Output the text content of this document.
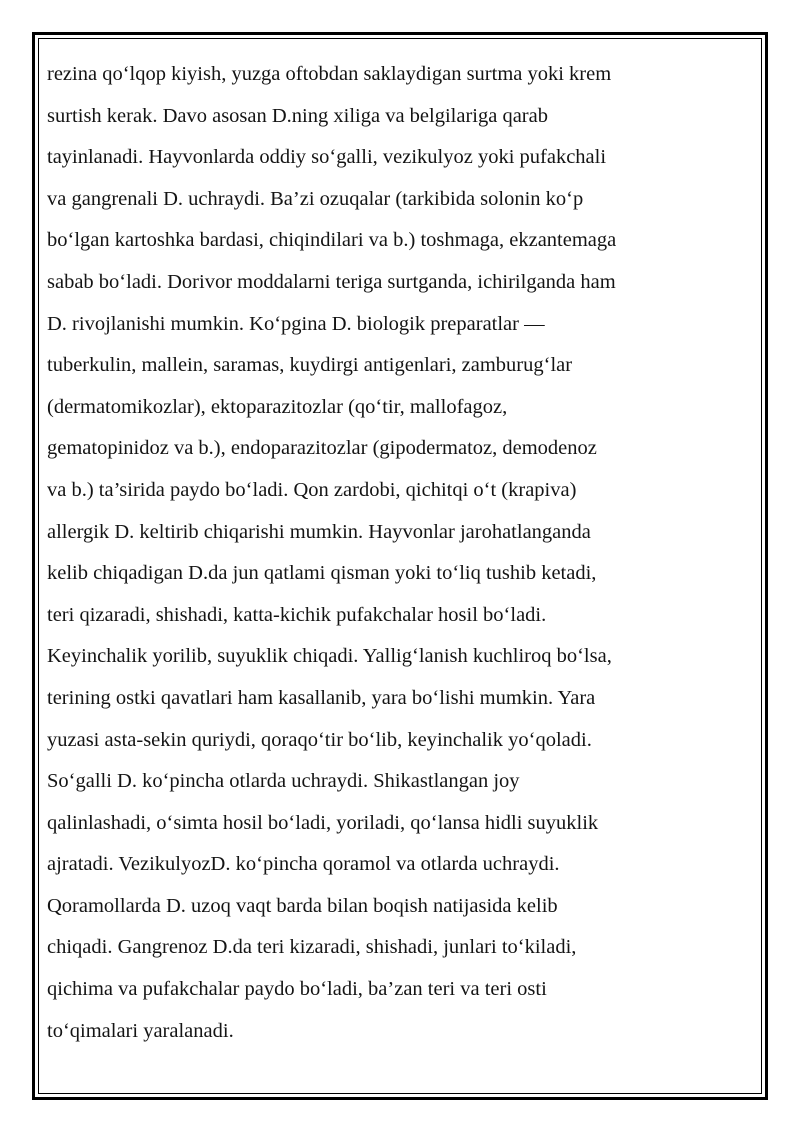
rezina qo‘lqop kiyish, yuzga oftobdan saklaydigan surtma yoki krem
surtish kerak. Davo asosan D.ning xiliga va belgilariga qarab
tayinlanadi. Hayvonlarda oddiy so‘galli, vezikulyoz yoki pufakchali
va gangrenali D. uchraydi. Ba’zi ozuqalar (tarkibida solonin ko‘p
bo‘lgan kartoshka bardasi, chiqindilari va b.) toshmaga, ekzantemaga
sabab bo‘ladi. Dorivor moddalarni teriga surtganda, ichirilganda ham
D. rivojlanishi mumkin. Ko‘pgina D. biologik preparatlar —
tuberkulin, mallein, saramas, kuydirgi antigenlari, zamburug‘lar
(dermatomikozlar), ektoparazitozlar (qo‘tir, mallofagoz,
gematopinidoz va b.), endoparazitozlar (gipodermatoz, demodenoz
va b.) ta’sirida paydo bo‘ladi. Qon zardobi, qichitqi o‘t (krapiva)
allergik D. keltirib chiqarishi mumkin. Hayvonlar jarohatlanganda
kelib chiqadigan D.da jun qatlami qisman yoki to‘liq tushib ketadi,
teri qizaradi, shishadi, katta-kichik pufakchalar hosil bo‘ladi.
Keyinchalik yorilib, suyuklik chiqadi. Yallig‘lanish kuchliroq bo‘lsa,
terining ostki qavatlari ham kasallanib, yara bo‘lishi mumkin. Yara
yuzasi asta-sekin quriydi, qoraqo‘tir bo‘lib, keyinchalik yo‘qoladi.
So‘galli D. ko‘pincha otlarda uchraydi. Shikastlangan joy
qalinlashadi, o‘simta hosil bo‘ladi, yoriladi, qo‘lansa hidli suyuklik
ajratadi. VezikulyozD. ko‘pincha qoramol va otlarda uchraydi.
Qoramollarda D. uzoq vaqt barda bilan boqish natijasida kelib
chiqadi. Gangrenoz D.da teri kizaradi, shishadi, junlari to‘kiladi,
qichima va pufakchalar paydo bo‘ladi, ba’zan teri va teri osti
to‘qimalari yaralanadi.
